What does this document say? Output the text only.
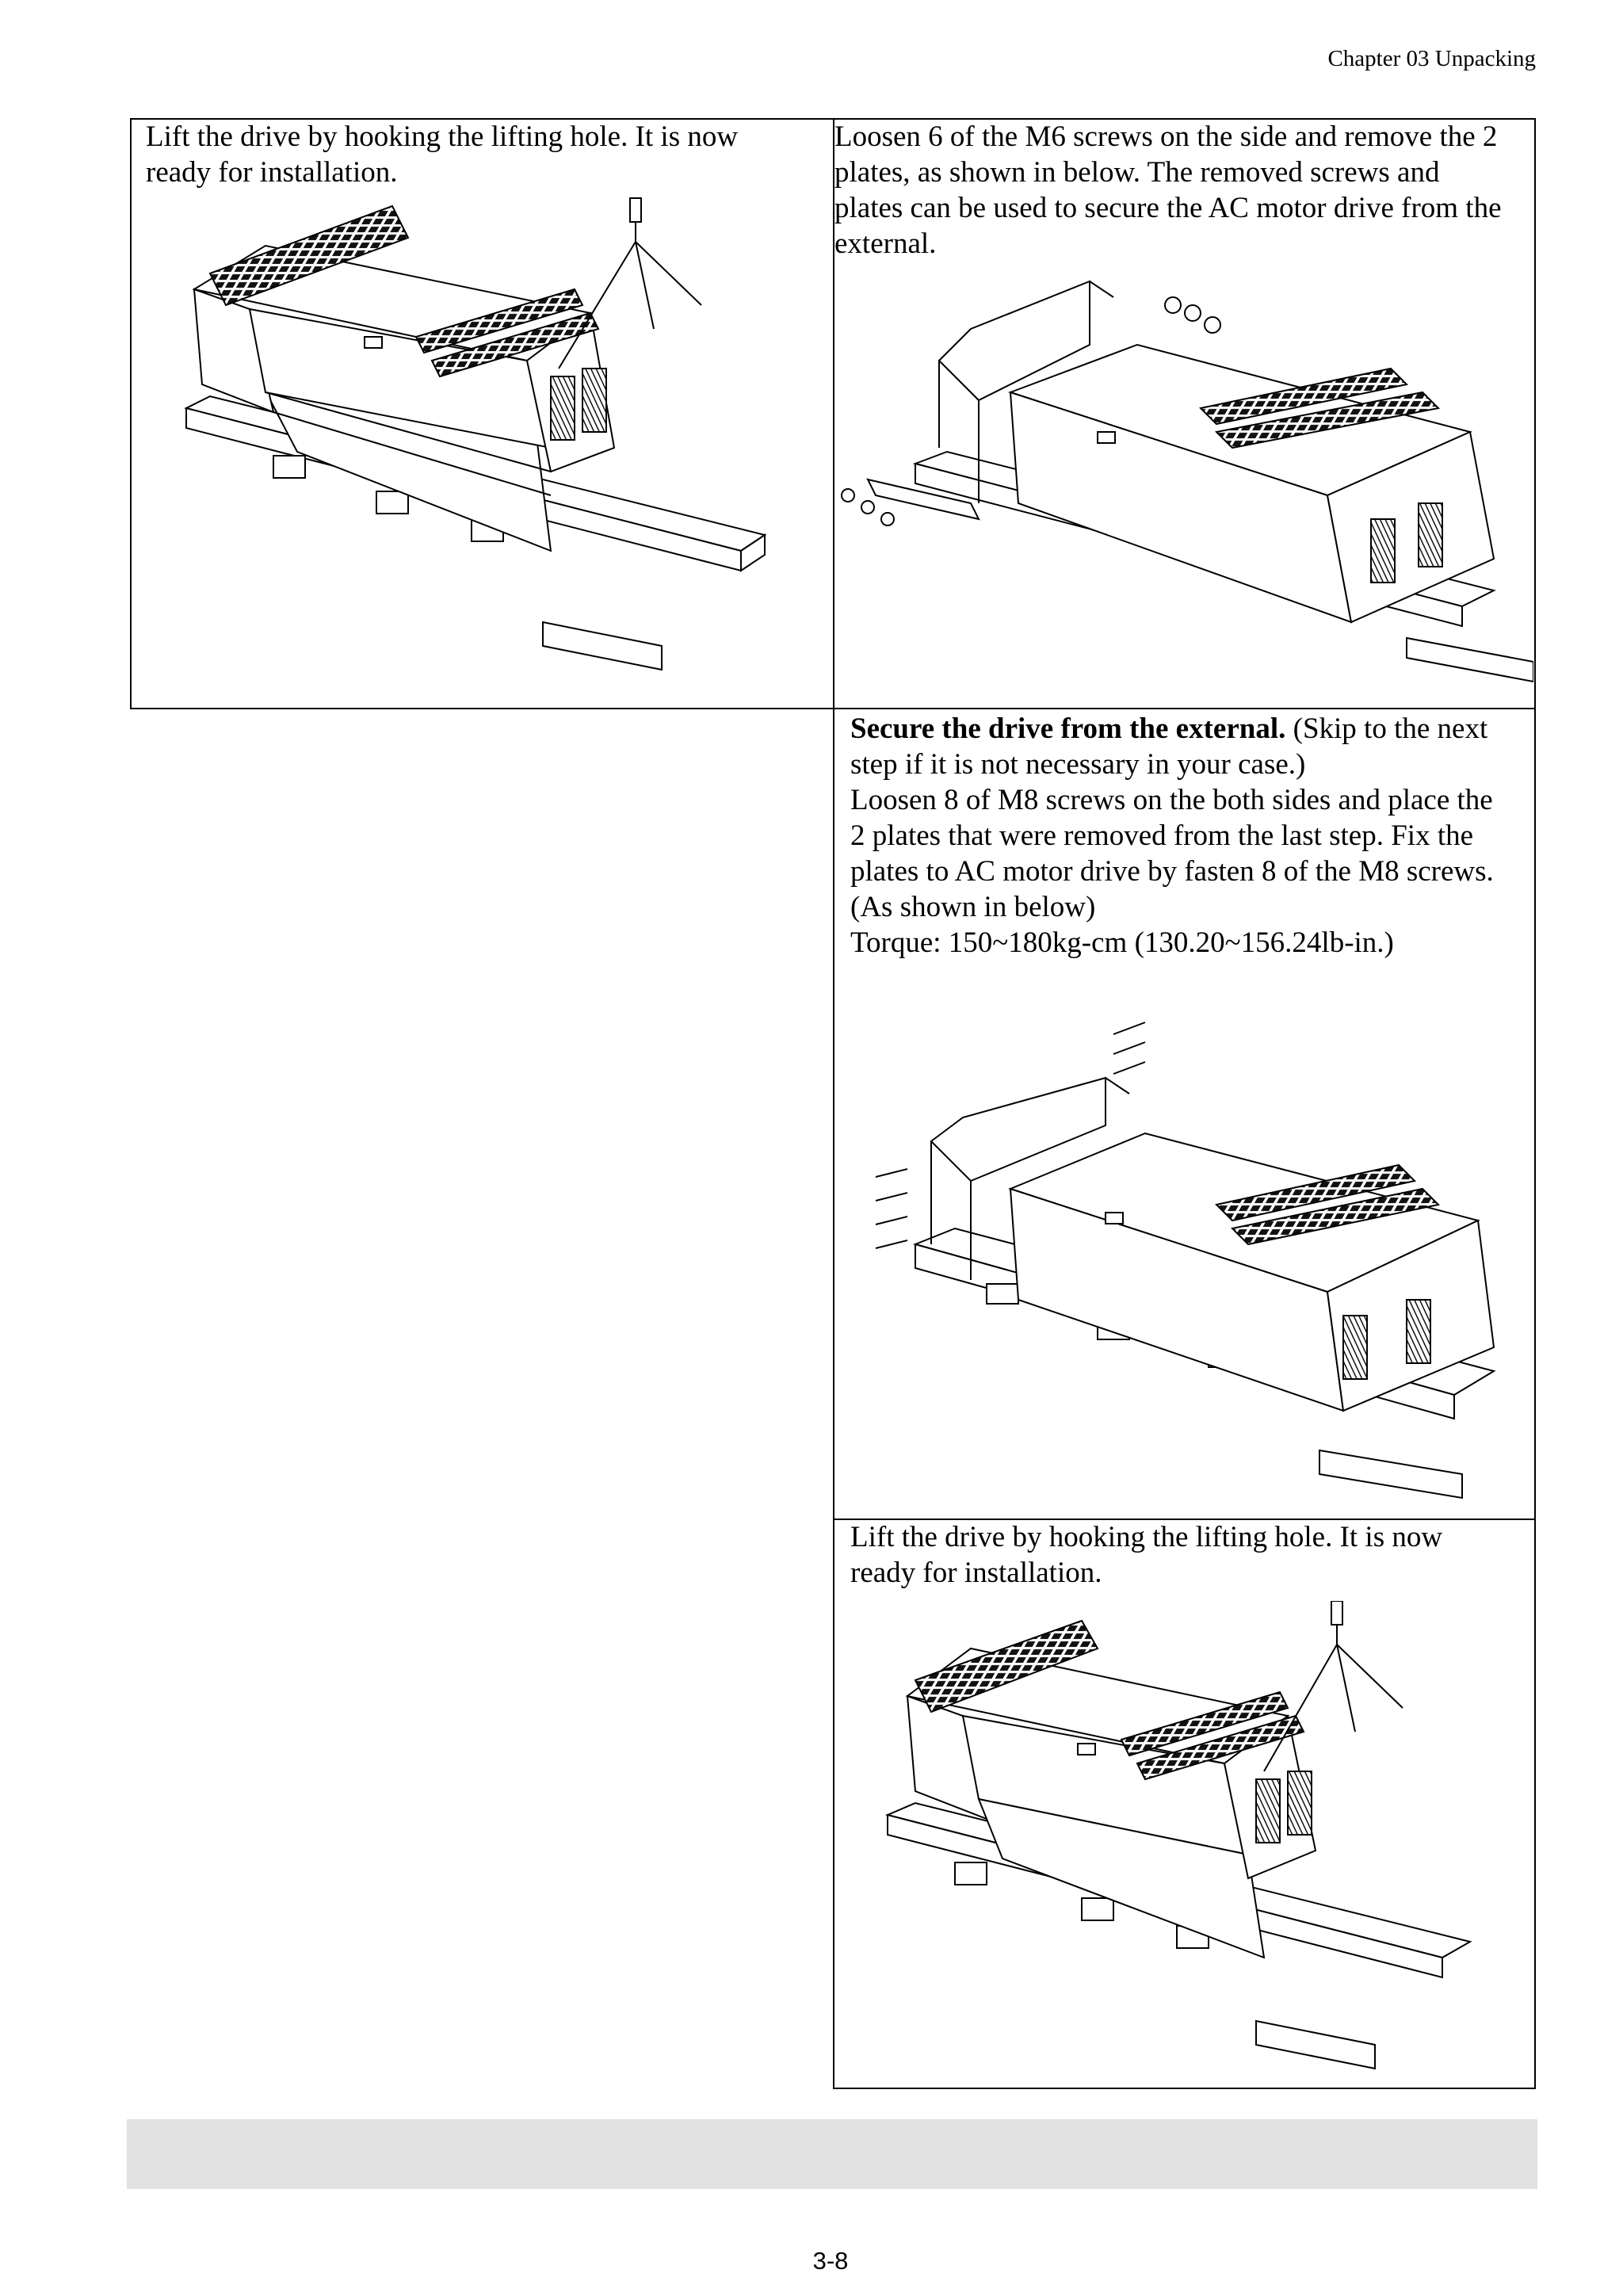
Chapter 03 Unpacking
Lift the drive by hooking the lifting hole. It is now
ready for installation.
Loosen 6 of the M6 screws on the side and remove the 2
plates, as shown in below. The removed screws and
plates can be used to secure the AC motor drive from the
external.
Secure the drive from the external. (Skip to the next
step if it is not necessary in your case.)
Loosen 8 of M8 screws on the both sides and place the
2 plates that were removed from the last step. Fix the
plates to AC motor drive by fasten 8 of the M8 screws.
(As shown in below)
Torque: 150~180kg-cm (130.20~156.24lb-in.)
Lift the drive by hooking the lifting hole. It is now
ready for installation.
3-8
